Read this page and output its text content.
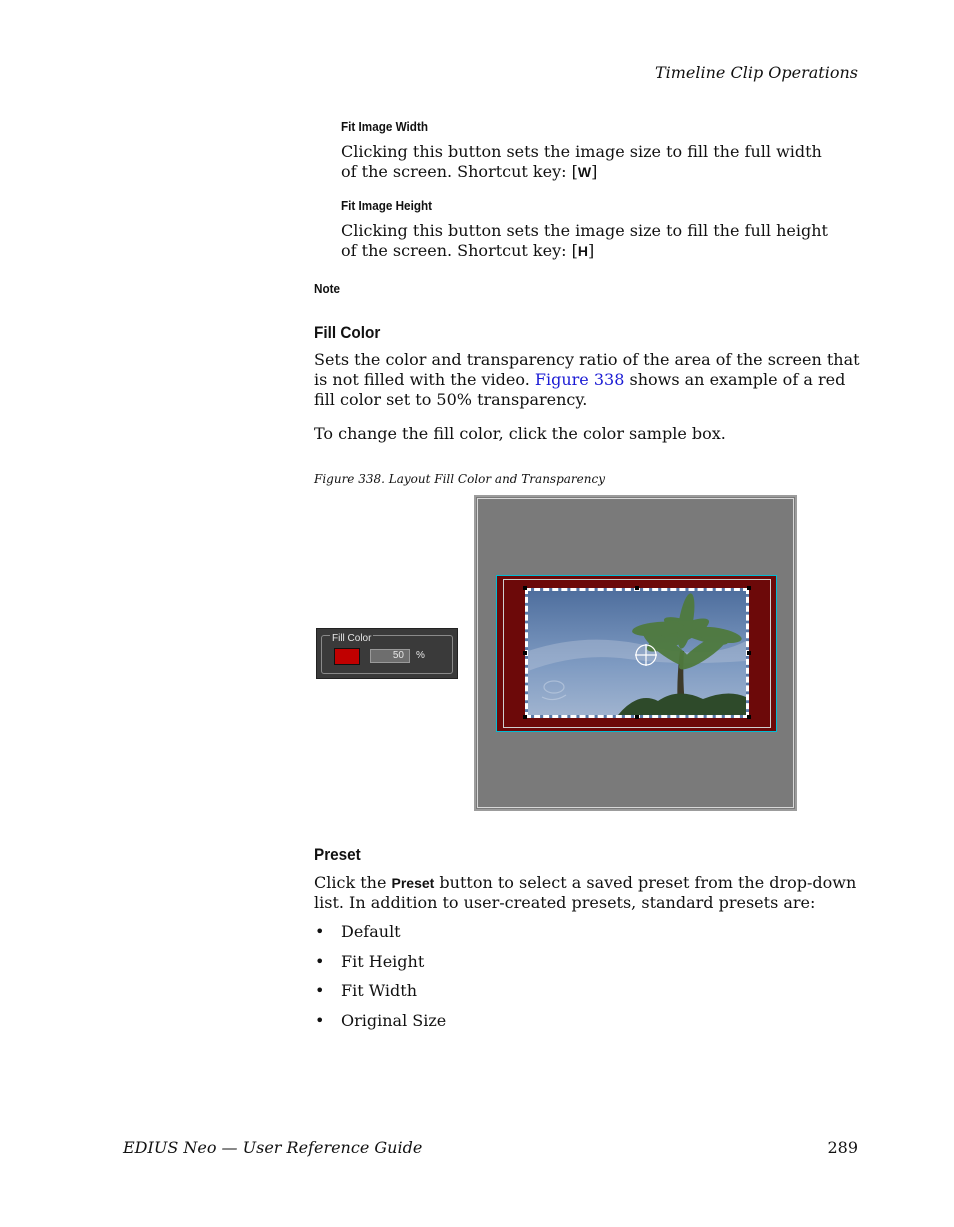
Timeline Clip Operations
Fit Image Width
Clicking this button sets the image size to fill the full width of the screen. Shortcut key: [W]
Fit Image Height
Clicking this button sets the image size to fill the full height of the screen. Shortcut key: [H]
Note
Fill Color
Sets the color and transparency ratio of the area of the screen that is not filled with the video. Figure 338 shows an example of a red fill color set to 50% transparency.
To change the fill color, click the color sample box.
Figure 338. Layout Fill Color and Transparency
Fill Color
50	%
Preset
Click the Preset button to select a saved preset from the drop-down list. In addition to user-created presets, standard presets are:
• Default
• Fit Height
• Fit Width
• Original Size
EDIUS Neo — User Reference Guide	289
